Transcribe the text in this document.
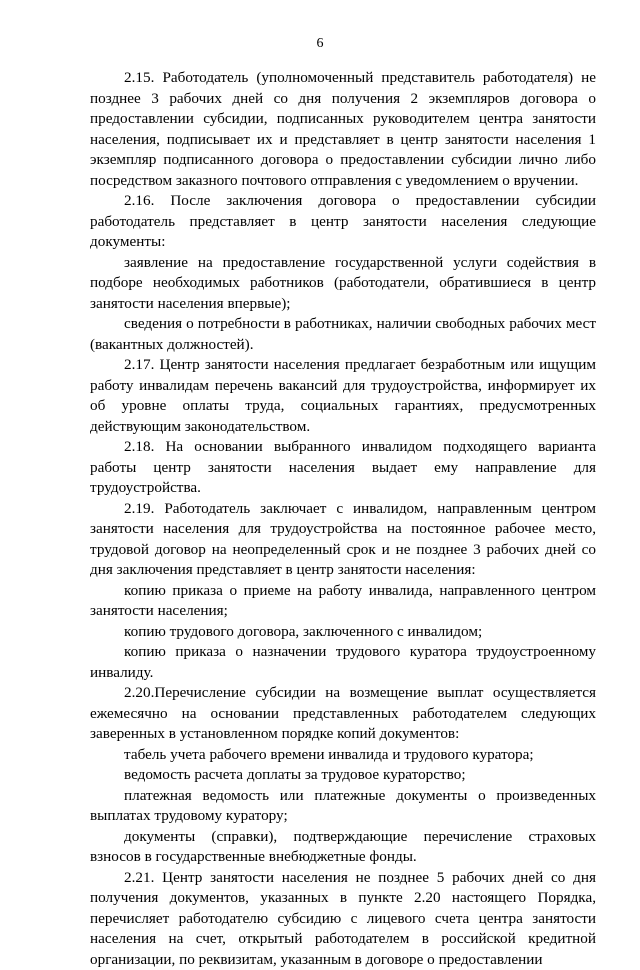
6

2.15. Работодатель (уполномоченный представитель работодателя) не позднее 3 рабочих дней со дня получения 2 экземпляров договора о предоставлении субсидии, подписанных руководителем центра занятости населения, подписывает их и представляет в центр занятости населения 1 экземпляр подписанного договора о предоставлении субсидии лично либо посредством заказного почтового отправления с уведомлением о вручении.

2.16. После заключения договора о предоставлении субсидии работодатель представляет в центр занятости населения следующие документы:

заявление на предоставление государственной услуги содействия в подборе необходимых работников (работодатели, обратившиеся в центр занятости населения впервые);

сведения о потребности в работниках, наличии свободных рабочих мест (вакантных должностей).

2.17. Центр занятости населения предлагает безработным или ищущим работу инвалидам перечень вакансий для трудоустройства, информирует их об уровне оплаты труда, социальных гарантиях, предусмотренных действующим законодательством.

2.18. На основании выбранного инвалидом подходящего варианта работы центр занятости населения выдает ему направление для трудоустройства.

2.19. Работодатель заключает с инвалидом, направленным центром занятости населения для трудоустройства на постоянное рабочее место, трудовой договор на неопределенный срок и не позднее 3 рабочих дней со дня заключения представляет в центр занятости населения:

копию приказа о приеме на работу инвалида, направленного центром занятости населения;

копию трудового договора, заключенного с инвалидом;

копию приказа о назначении трудового куратора трудоустроенному инвалиду.

2.20.Перечисление субсидии на возмещение выплат осуществляется ежемесячно на основании представленных работодателем следующих заверенных в установленном порядке копий документов:

табель учета рабочего времени инвалида и трудового куратора;

ведомость расчета доплаты за трудовое кураторство;

платежная ведомость или платежные документы о произведенных выплатах трудовому куратору;

документы (справки), подтверждающие перечисление страховых взносов в государственные внебюджетные фонды.

2.21. Центр занятости населения не позднее 5 рабочих дней со дня получения документов, указанных в пункте 2.20 настоящего Порядка, перечисляет работодателю субсидию с лицевого счета центра занятости населения на счет, открытый работодателем в российской кредитной организации, по реквизитам, указанным в договоре о предоставлении
